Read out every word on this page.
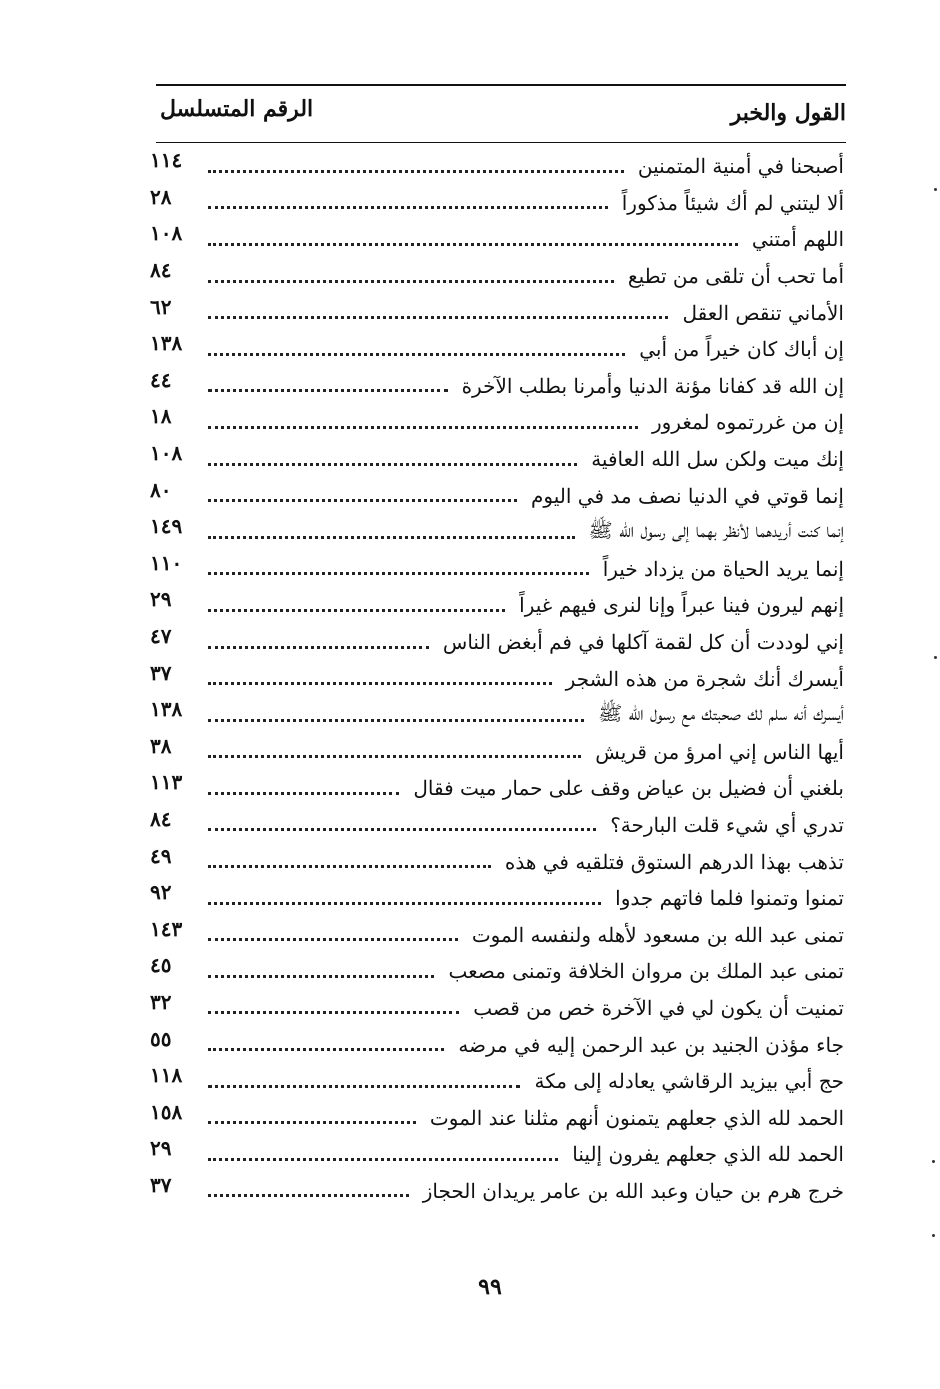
القول والخبر
الرقم المتسلسل
أصبحنا في أمنية المتمنين
١١٤
ألا ليتني لم أك شيئاً مذكوراً
٢٨
اللهم أمتني
١٠٨
أما تحب أن تلقى من تطيع
٨٤
الأماني تنقص العقل
٦٢
إن أباك كان خيراً من أبي
١٣٨
إن الله قد كفانا مؤنة الدنيا وأمرنا بطلب الآخرة
٤٤
إن من غررتموه لمغرور
١٨
إنك ميت ولكن سل الله العافية
١٠٨
إنما قوتي في الدنيا نصف مد في اليوم
٨٠
إنما كنت أريدهما لأنظر بهما إلى رسول الله ﷺ
١٤٩
إنما يريد الحياة من يزداد خيراً
١١٠
إنهم ليرون فينا عبراً وإنا لنرى فيهم غيراً
٢٩
إني لوددت أن كل لقمة آكلها في فم أبغض الناس
٤٧
أيسرك أنك شجرة من هذه الشجر
٣٧
أيسرك أنه سلم لك صحبتك مع رسول الله ﷺ
١٣٨
أيها الناس إني امرؤ من قريش
٣٨
بلغني أن فضيل بن عياض وقف على حمار ميت فقال
١١٣
تدري أي شيء قلت البارحة؟
٨٤
تذهب بهذا الدرهم الستوق فتلقيه في هذه
٤٩
تمنوا وتمنوا فلما فاتهم جدوا
٩٢
تمنى عبد الله بن مسعود لأهله ولنفسه الموت
١٤٣
تمنى عبد الملك بن مروان الخلافة وتمنى مصعب
٤٥
تمنيت أن يكون لي في الآخرة خص من قصب
٣٢
جاء مؤذن الجنيد بن عبد الرحمن إليه في مرضه
٥٥
حج أبي بيزيد الرقاشي يعادله إلى مكة
١١٨
الحمد لله الذي جعلهم يتمنون أنهم مثلنا عند الموت
١٥٨
الحمد لله الذي جعلهم يفرون إلينا
٢٩
خرج هرم بن حيان وعبد الله بن عامر يريدان الحجاز
٣٧
٩٩
